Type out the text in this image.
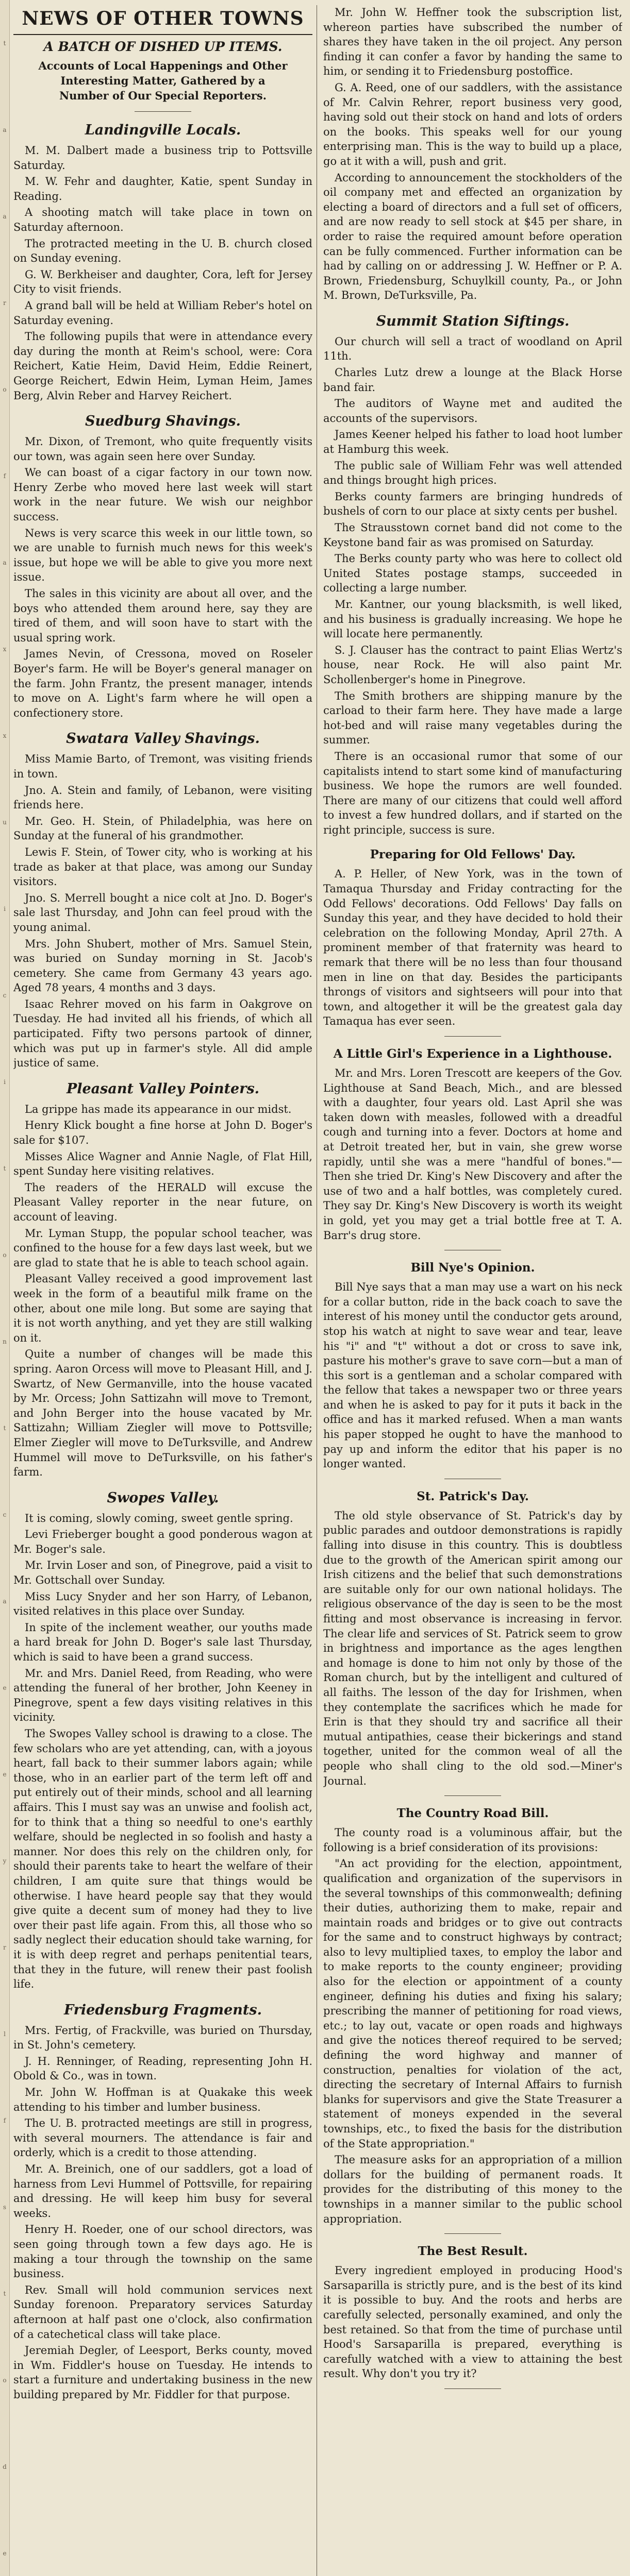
t
a
a
r
o
f
a
x
x
u
i
c
i
t
o
n
t
c
a
e
e
y
r
l
f
s
t
o
d
e
NEWS OF OTHER TOWNS
A BATCH OF DISHED UP ITEMS.
Accounts of Local Happenings and Other Interesting Matter, Gathered by a Number of Our Special Reporters.
Landingville Locals.

M. M. Dalbert made a business trip to Pottsville Saturday.

M. W. Fehr and daughter, Katie, spent Sunday in Reading.

A shooting match will take place in town on Saturday afternoon.

The protracted meeting in the U. B. church closed on Sunday evening.

G. W. Berkheiser and daughter, Cora, left for Jersey City to visit friends.

A grand ball will be held at William Reber's hotel on Saturday evening.

The following pupils that were in attendance every day during the month at Reim's school, were: Cora Reichert, Katie Heim, David Heim, Eddie Reinert, George Reichert, Edwin Heim, Lyman Heim, James Berg, Alvin Reber and Harvey Reichert.

Suedburg Shavings.

Mr. Dixon, of Tremont, who quite frequently visits our town, was again seen here over Sunday.

We can boast of a cigar factory in our town now. Henry Zerbe who moved here last week will start work in the near future. We wish our neighbor success.

News is very scarce this week in our little town, so we are unable to furnish much news for this week's issue, but hope we will be able to give you more next issue.

The sales in this vicinity are about all over, and the boys who attended them around here, say they are tired of them, and will soon have to start with the usual spring work.

James Nevin, of Cressona, moved on Roseler Boyer's farm. He will be Boyer's general manager on the farm. John Frantz, the present manager, intends to move on A. Light's farm where he will open a confectionery store.

Swatara Valley Shavings.

Miss Mamie Barto, of Tremont, was visiting friends in town.

Jno. A. Stein and family, of Lebanon, were visiting friends here.

Mr. Geo. H. Stein, of Philadelphia, was here on Sunday at the funeral of his grandmother.

Lewis F. Stein, of Tower city, who is working at his trade as baker at that place, was among our Sunday visitors.

Jno. S. Merrell bought a nice colt at Jno. D. Boger's sale last Thursday, and John can feel proud with the young animal.

Mrs. John Shubert, mother of Mrs. Samuel Stein, was buried on Sunday morning in St. Jacob's cemetery. She came from Germany 43 years ago. Aged 78 years, 4 months and 3 days.

Isaac Rehrer moved on his farm in Oakgrove on Tuesday. He had invited all his friends, of which all participated. Fifty two persons partook of dinner, which was put up in farmer's style. All did ample justice of same.

Pleasant Valley Pointers.

La grippe has made its appearance in our midst.

Henry Klick bought a fine horse at John D. Boger's sale for $107.

Misses Alice Wagner and Annie Nagle, of Flat Hill, spent Sunday here visiting relatives.

The readers of the HERALD will excuse the Pleasant Valley reporter in the near future, on account of leaving.

Mr. Lyman Stupp, the popular school teacher, was confined to the house for a few days last week, but we are glad to state that he is able to teach school again.

Pleasant Valley received a good improvement last week in the form of a beautiful milk frame on the other, about one mile long. But some are saying that it is not worth anything, and yet they are still walking on it.

Quite a number of changes will be made this spring. Aaron Orcess will move to Pleasant Hill, and J. Swartz, of New Germanville, into the house vacated by Mr. Orcess; John Sattizahn will move to Tremont, and John Berger into the house vacated by Mr. Sattizahn; William Ziegler will move to Pottsville; Elmer Ziegler will move to DeTurksville, and Andrew Hummel will move to DeTurksville, on his father's farm.

Swopes Valley.

It is coming, slowly coming, sweet gentle spring.

Levi Frieberger bought a good ponderous wagon at Mr. Boger's sale.

Mr. Irvin Loser and son, of Pinegrove, paid a visit to Mr. Gottschall over Sunday.

Miss Lucy Snyder and her son Harry, of Lebanon, visited relatives in this place over Sunday.

In spite of the inclement weather, our youths made a hard break for John D. Boger's sale last Thursday, which is said to have been a grand success.

Mr. and Mrs. Daniel Reed, from Reading, who were attending the funeral of her brother, John Keeney in Pinegrove, spent a few days visiting relatives in this vicinity.

The Swopes Valley school is drawing to a close. The few scholars who are yet attending, can, with a joyous heart, fall back to their summer labors again; while those, who in an earlier part of the term left off and put entirely out of their minds, school and all learning affairs. This I must say was an unwise and foolish act, for to think that a thing so needful to one's earthly welfare, should be neglected in so foolish and hasty a manner. Nor does this rely on the children only, for should their parents take to heart the welfare of their children, I am quite sure that things would be otherwise. I have heard people say that they would give quite a decent sum of money had they to live over their past life again. From this, all those who so sadly neglect their education should take warning, for it is with deep regret and perhaps penitential tears, that they in the future, will renew their past foolish life.

Friedensburg Fragments.

Mrs. Fertig, of Frackville, was buried on Thursday, in St. John's cemetery.

J. H. Renninger, of Reading, representing John H. Obold & Co., was in town.

Mr. John W. Hoffman is at Quakake this week attending to his timber and lumber business.

The U. B. protracted meetings are still in progress, with several mourners. The attendance is fair and orderly, which is a credit to those attending.

Mr. A. Breinich, one of our saddlers, got a load of harness from Levi Hummel of Pottsville, for repairing and dressing. He will keep him busy for several weeks.

Henry H. Roeder, one of our school directors, was seen going through town a few days ago. He is making a tour through the township on the same business.

Rev. Small will hold communion services next Sunday forenoon. Preparatory services Saturday afternoon at half past one o'clock, also confirmation of a catechetical class will take place.

Jeremiah Degler, of Leesport, Berks county, moved in Wm. Fiddler's house on Tuesday. He intends to start a furniture and undertaking business in the new building prepared by Mr. Fiddler for that purpose.

Mr. John W. Heffner took the subscription list, whereon parties have subscribed the number of shares they have taken in the oil project. Any person finding it can confer a favor by handing the same to him, or sending it to Friedensburg postoffice.

G. A. Reed, one of our saddlers, with the assistance of Mr. Calvin Rehrer, report business very good, having sold out their stock on hand and lots of orders on the books. This speaks well for our young enterprising man. This is the way to build up a place, go at it with a will, push and grit.

According to announcement the stockholders of the oil company met and effected an organization by electing a board of directors and a full set of officers, and are now ready to sell stock at $45 per share, in order to raise the required amount before operation can be fully commenced. Further information can be had by calling on or addressing J. W. Heffner or P. A. Brown, Friedensburg, Schuylkill county, Pa., or John M. Brown, DeTurksville, Pa.

Summit Station Siftings.

Our church will sell a tract of woodland on April 11th.

Charles Lutz drew a lounge at the Black Horse band fair.

The auditors of Wayne met and audited the accounts of the supervisors.

James Keener helped his father to load hoot lumber at Hamburg this week.

The public sale of William Fehr was well attended and things brought high prices.

Berks county farmers are bringing hundreds of bushels of corn to our place at sixty cents per bushel.

The Strausstown cornet band did not come to the Keystone band fair as was promised on Saturday.

The Berks county party who was here to collect old United States postage stamps, succeeded in collecting a large number.

Mr. Kantner, our young blacksmith, is well liked, and his business is gradually increasing. We hope he will locate here permanently.

S. J. Clauser has the contract to paint Elias Wertz's house, near Rock. He will also paint Mr. Schollenberger's home in Pinegrove.

The Smith brothers are shipping manure by the carload to their farm here. They have made a large hot-bed and will raise many vegetables during the summer.

There is an occasional rumor that some of our capitalists intend to start some kind of manufacturing business. We hope the rumors are well founded. There are many of our citizens that could well afford to invest a few hundred dollars, and if started on the right principle, success is sure.

Preparing for Old Fellows' Day.

A. P. Heller, of New York, was in the town of Tamaqua Thursday and Friday contracting for the Odd Fellows' decorations. Odd Fellows' Day falls on Sunday this year, and they have decided to hold their celebration on the following Monday, April 27th. A prominent member of that fraternity was heard to remark that there will be no less than four thousand men in line on that day. Besides the participants throngs of visitors and sightseers will pour into that town, and altogether it will be the greatest gala day Tamaqua has ever seen.

A Little Girl's Experience in a Lighthouse.

Mr. and Mrs. Loren Trescott are keepers of the Gov. Lighthouse at Sand Beach, Mich., and are blessed with a daughter, four years old. Last April she was taken down with measles, followed with a dreadful cough and turning into a fever. Doctors at home and at Detroit treated her, but in vain, she grew worse rapidly, until she was a mere "handful of bones."—Then she tried Dr. King's New Discovery and after the use of two and a half bottles, was completely cured. They say Dr. King's New Discovery is worth its weight in gold, yet you may get a trial bottle free at T. A. Barr's drug store.

Bill Nye's Opinion.

Bill Nye says that a man may use a wart on his neck for a collar button, ride in the back coach to save the interest of his money until the conductor gets around, stop his watch at night to save wear and tear, leave his "i" and "t" without a dot or cross to save ink, pasture his mother's grave to save corn—but a man of this sort is a gentleman and a scholar compared with the fellow that takes a newspaper two or three years and when he is asked to pay for it puts it back in the office and has it marked refused. When a man wants his paper stopped he ought to have the manhood to pay up and inform the editor that his paper is no longer wanted.

St. Patrick's Day.

The old style observance of St. Patrick's day by public parades and outdoor demonstrations is rapidly falling into disuse in this country. This is doubtless due to the growth of the American spirit among our Irish citizens and the belief that such demonstrations are suitable only for our own national holidays. The religious observance of the day is seen to be the most fitting and most observance is increasing in fervor. The clear life and services of St. Patrick seem to grow in brightness and importance as the ages lengthen and homage is done to him not only by those of the Roman church, but by the intelligent and cultured of all faiths. The lesson of the day for Irishmen, when they contemplate the sacrifices which he made for Erin is that they should try and sacrifice all their mutual antipathies, cease their bickerings and stand together, united for the common weal of all the people who shall cling to the old sod.—Miner's Journal.

The Country Road Bill.

The county road is a voluminous affair, but the following is a brief consideration of its provisions:

"An act providing for the election, appointment, qualification and organization of the supervisors in the several townships of this commonwealth; defining their duties, authorizing them to make, repair and maintain roads and bridges or to give out contracts for the same and to construct highways by contract; also to levy multiplied taxes, to employ the labor and to make reports to the county engineer; providing also for the election or appointment of a county engineer, defining his duties and fixing his salary; prescribing the manner of petitioning for road views, etc.; to lay out, vacate or open roads and highways and give the notices thereof required to be served; defining the word highway and manner of construction, penalties for violation of the act, directing the secretary of Internal Affairs to furnish blanks for supervisors and give the State Treasurer a statement of moneys expended in the several townships, etc., to fixed the basis for the distribution of the State appropriation."

The measure asks for an appropriation of a million dollars for the building of permanent roads. It provides for the distributing of this money to the townships in a manner similar to the public school appropriation.

The Best Result.

Every ingredient employed in producing Hood's Sarsaparilla is strictly pure, and is the best of its kind it is possible to buy. And the roots and herbs are carefully selected, personally examined, and only the best retained. So that from the time of purchase until Hood's Sarsaparilla is prepared, everything is carefully watched with a view to attaining the best result. Why don't you try it?
